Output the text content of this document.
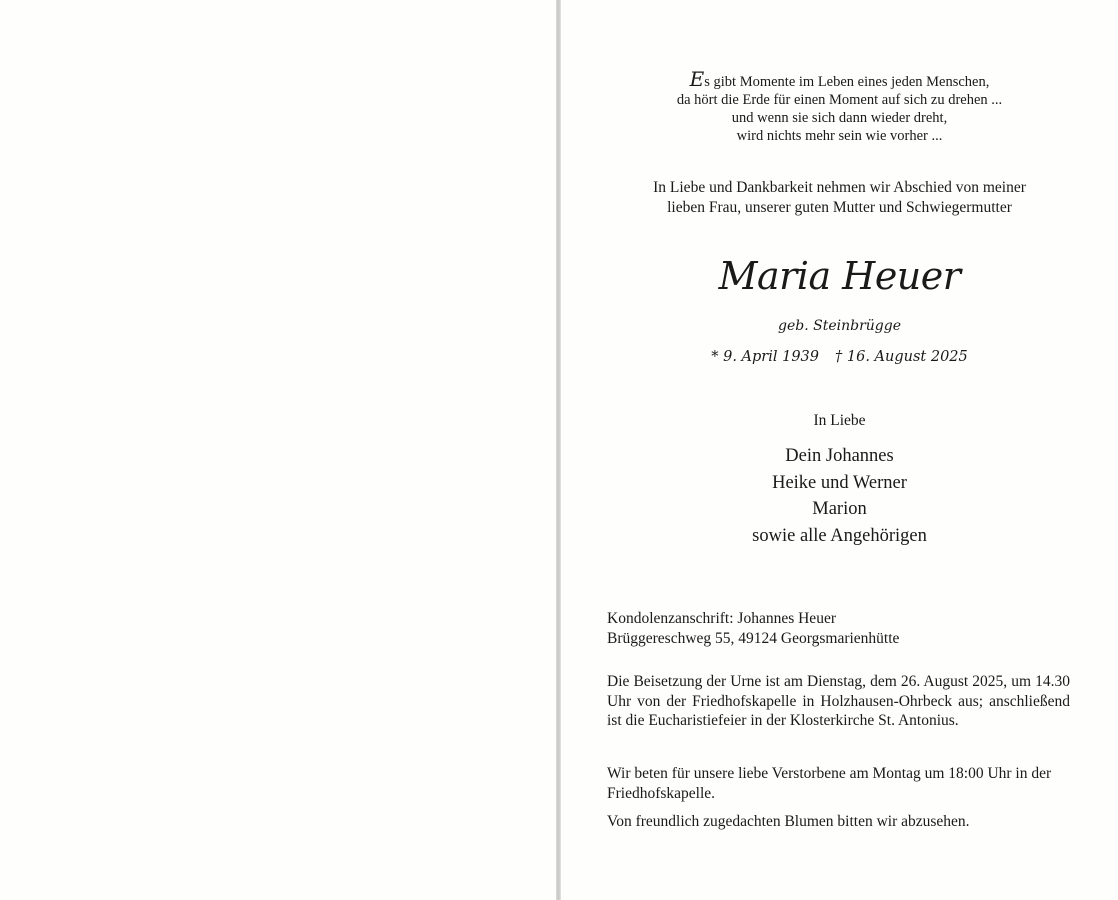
Es gibt Momente im Leben eines jeden Menschen,
da hört die Erde für einen Moment auf sich zu drehen ...
und wenn sie sich dann wieder dreht,
wird nichts mehr sein wie vorher ...
In Liebe und Dankbarkeit nehmen wir Abschied von meiner
lieben Frau, unserer guten Mutter und Schwiegermutter
Maria Heuer
geb. Steinbrügge
* 9. April 1939 † 16. August 2025
In Liebe
Dein Johannes
Heike und Werner
Marion
sowie alle Angehörigen
Kondolenzanschrift: Johannes Heuer
Brüggereschweg 55, 49124 Georgsmarienhütte
Die Beisetzung der Urne ist am Dienstag, dem 26. August 2025, um 14.30 Uhr von der Friedhofskapelle in Holzhausen-Ohrbeck aus; anschließend ist die Eucharistiefeier in der Klosterkirche St. Antonius.
Wir beten für unsere liebe Verstorbene am Montag um 18:00 Uhr in der Friedhofskapelle.
Von freundlich zugedachten Blumen bitten wir abzusehen.
